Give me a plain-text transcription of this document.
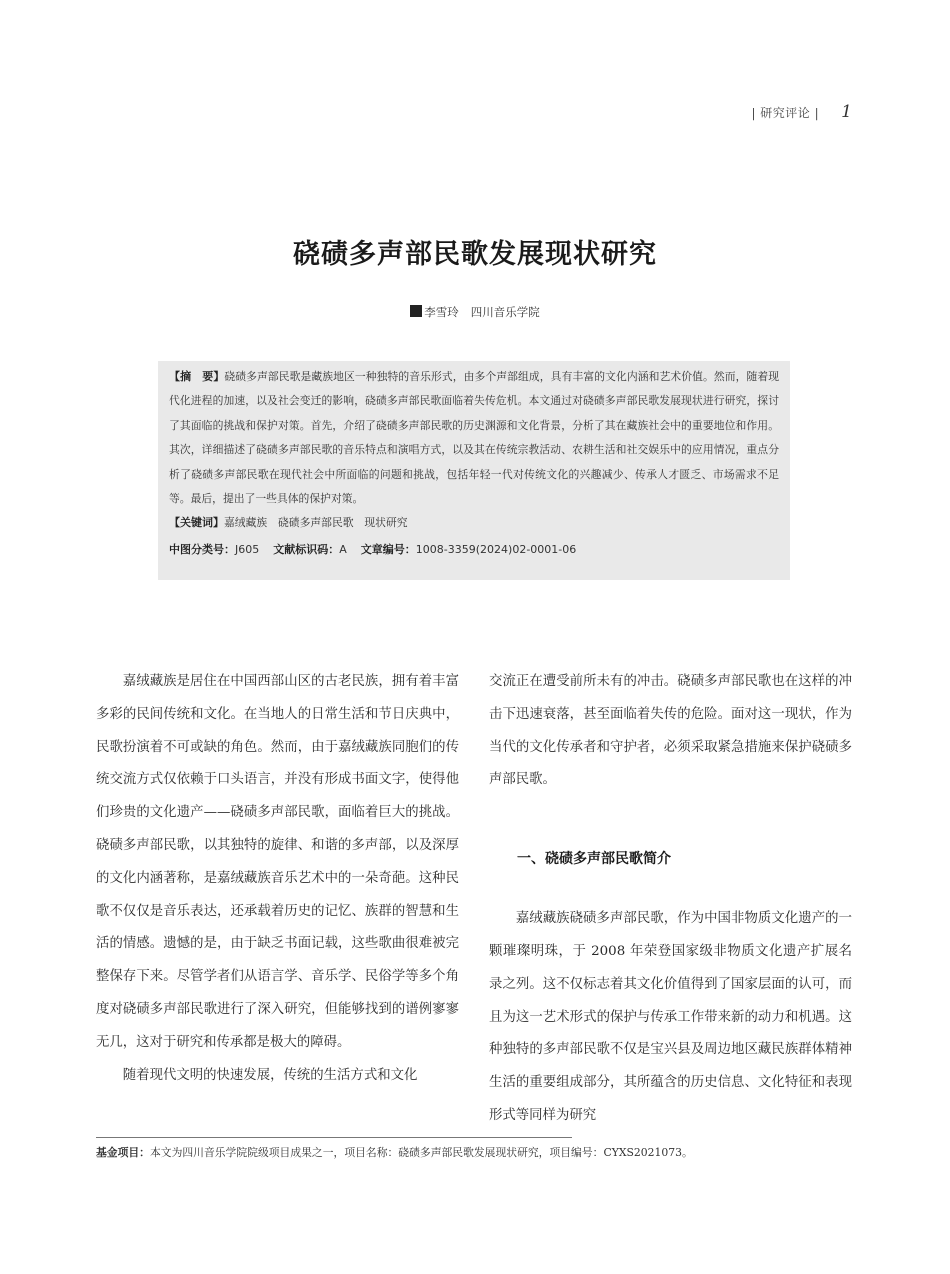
| 研究评论 | 1
硗碛多声部民歌发展现状研究
李雪玲 四川音乐学院
【摘　要】硗碛多声部民歌是藏族地区一种独特的音乐形式，由多个声部组成，具有丰富的文化内涵和艺术价值。然而，随着现代化进程的加速，以及社会变迁的影响，硗碛多声部民歌面临着失传危机。本文通过对硗碛多声部民歌发展现状进行研究，探讨了其面临的挑战和保护对策。首先，介绍了硗碛多声部民歌的历史渊源和文化背景，分析了其在藏族社会中的重要地位和作用。其次，详细描述了硗碛多声部民歌的音乐特点和演唱方式，以及其在传统宗教活动、农耕生活和社交娱乐中的应用情况，重点分析了硗碛多声部民歌在现代社会中所面临的问题和挑战，包括年轻一代对传统文化的兴趣减少、传承人才匮乏、市场需求不足等。最后，提出了一些具体的保护对策。
【关键词】嘉绒藏族　硗碛多声部民歌　现状研究
中图分类号：J605 文献标识码：A 文章编号：1008-3359(2024)02-0001-06

嘉绒藏族是居住在中国西部山区的古老民族，拥有着丰富多彩的民间传统和文化。在当地人的日常生活和节日庆典中，民歌扮演着不可或缺的角色。然而，由于嘉绒藏族同胞们的传统交流方式仅依赖于口头语言，并没有形成书面文字，使得他们珍贵的文化遗产——硗碛多声部民歌，面临着巨大的挑战。硗碛多声部民歌，以其独特的旋律、和谐的多声部，以及深厚的文化内涵著称，是嘉绒藏族音乐艺术中的一朵奇葩。这种民歌不仅仅是音乐表达，还承载着历史的记忆、族群的智慧和生活的情感。遗憾的是，由于缺乏书面记载，这些歌曲很难被完整保存下来。尽管学者们从语言学、音乐学、民俗学等多个角度对硗碛多声部民歌进行了深入研究，但能够找到的谱例寥寥无几，这对于研究和传承都是极大的障碍。

随着现代文明的快速发展，传统的生活方式和文化

交流正在遭受前所未有的冲击。硗碛多声部民歌也在这样的冲击下迅速衰落，甚至面临着失传的危险。面对这一现状，作为当代的文化传承者和守护者，必须采取紧急措施来保护硗碛多声部民歌。

一、硗碛多声部民歌简介

嘉绒藏族硗碛多声部民歌，作为中国非物质文化遗产的一颗璀璨明珠，于 2008 年荣登国家级非物质文化遗产扩展名录之列。这不仅标志着其文化价值得到了国家层面的认可，而且为这一艺术形式的保护与传承工作带来新的动力和机遇。这种独特的多声部民歌不仅是宝兴县及周边地区藏民族群体精神生活的重要组成部分，其所蕴含的历史信息、文化特征和表现形式等同样为研究

基金项目：本文为四川音乐学院院级项目成果之一，项目名称：硗碛多声部民歌发展现状研究，项目编号：CYXS2021073。
